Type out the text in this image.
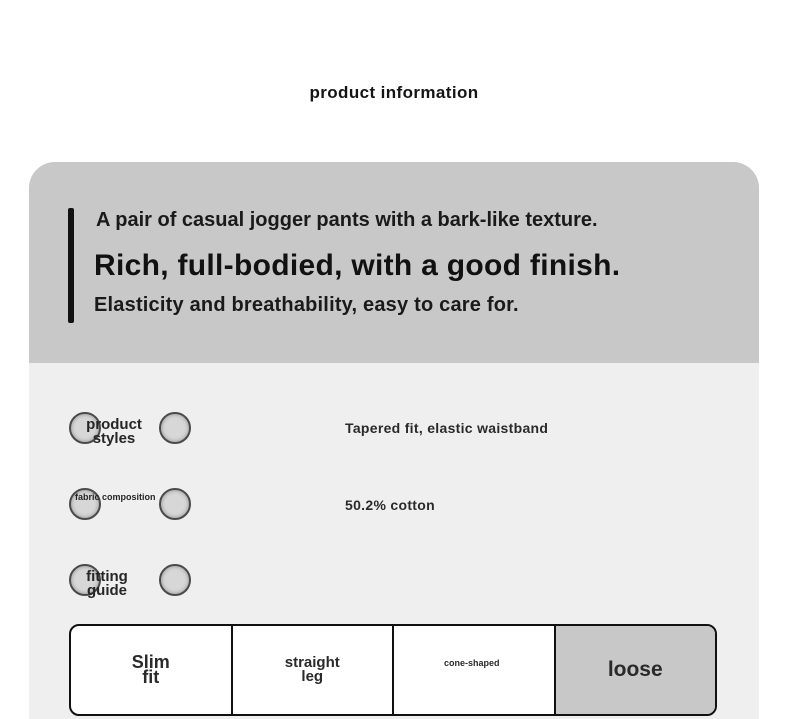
product information
A pair of casual jogger pants with a bark-like texture.
Rich, full-bodied, with a good finish.
Elasticity and breathability, easy to care for.
product styles
Tapered fit, elastic waistband
fabric composition	50.2% cotton
fitting guide
Slim fit
straight leg
cone-shaped	loose
